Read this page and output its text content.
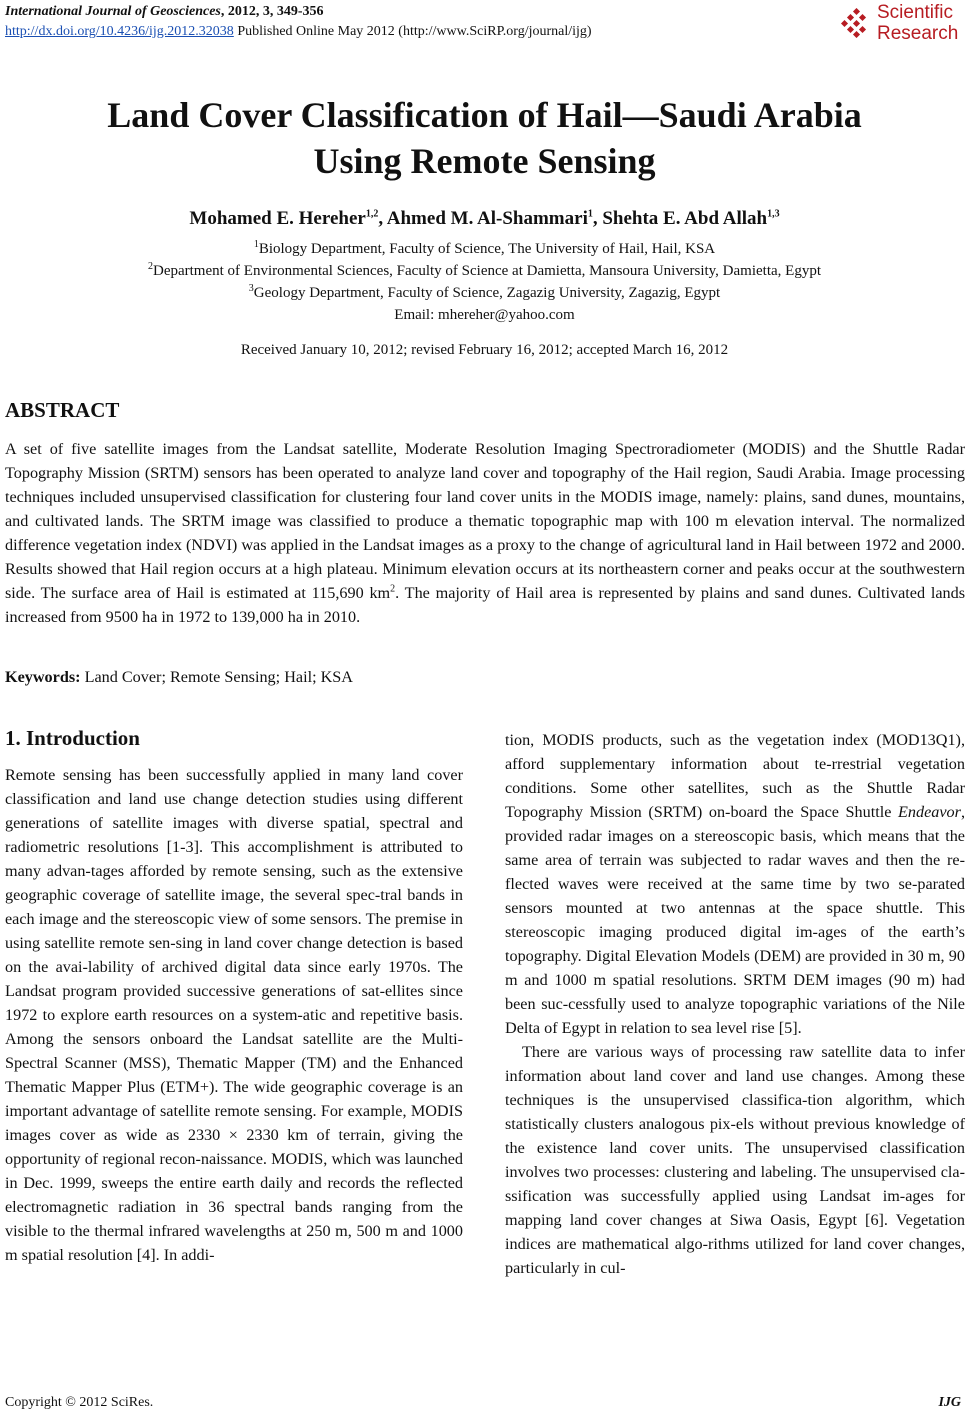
International Journal of Geosciences, 2012, 3, 349-356
http://dx.doi.org/10.4236/ijg.2012.32038 Published Online May 2012 (http://www.SciRP.org/journal/ijg)
Scientific
Research
Land Cover Classification of Hail—Saudi Arabia
Using Remote Sensing
Mohamed E. Hereher$^{1,2}$, Ahmed M. Al-Shammari$^1$, Shehta E. Abd Allah$^{1,3}$
$^1$Biology Department, Faculty of Science, The University of Hail, Hail, KSA
$^2$Department of Environmental Sciences, Faculty of Science at Damietta, Mansoura University, Damietta, Egypt
$^3$Geology Department, Faculty of Science, Zagazig University, Zagazig, Egypt
Email: mhereher@yahoo.com
Received January 10, 2012; revised February 16, 2012; accepted March 16, 2012
ABSTRACT
A set of five satellite images from the Landsat satellite, Moderate Resolution Imaging Spectroradiometer (MODIS) and the Shuttle Radar Topography Mission (SRTM) sensors has been operated to analyze land cover and topography of the Hail region, Saudi Arabia. Image processing techniques included unsupervised classification for clustering four land cover units in the MODIS image, namely: plains, sand dunes, mountains, and cultivated lands. The SRTM image was classified to produce a thematic topographic map with 100 m elevation interval. The normalized difference vegetation index (NDVI) was applied in the Landsat images as a proxy to the change of agricultural land in Hail between 1972 and 2000. Results showed that Hail region occurs at a high plateau. Minimum elevation occurs at its northeastern corner and peaks occur at the southwestern side. The surface area of Hail is estimated at 115,690 $km^2$. The majority of Hail area is represented by plains and sand dunes. Cultivated lands increased from 9500 ha in 1972 to 139,000 ha in 2010.
Keywords: Land Cover; Remote Sensing; Hail; KSA
1. Introduction

Remote sensing has been successfully applied in many land cover classification and land use change detection studies using different generations of satellite images with diverse spatial, spectral and radiometric resolutions [1-3]. This accomplishment is attributed to many advan-tages afforded by remote sensing, such as the extensive geographic coverage of satellite image, the several spec-tral bands in each image and the stereoscopic view of some sensors. The premise in using satellite remote sen-sing in land cover change detection is based on the avai-lability of archived digital data since early 1970s. The Landsat program provided successive generations of sat-ellites since 1972 to explore earth resources on a system-atic and repetitive basis. Among the sensors onboard the Landsat satellite are the Multi-Spectral Scanner (MSS), Thematic Mapper (TM) and the Enhanced Thematic Mapper Plus (ETM+). The wide geographic coverage is an important advantage of satellite remote sensing. For example, MODIS images cover as wide as 2330 × 2330 km of terrain, giving the opportunity of regional recon-naissance. MODIS, which was launched in Dec. 1999, sweeps the entire earth daily and records the reflected electromagnetic radiation in 36 spectral bands ranging from the visible to the thermal infrared wavelengths at 250 m, 500 m and 1000 m spatial resolution [4]. In addi-

tion, MODIS products, such as the vegetation index (MOD13Q1), afford supplementary information about te-rrestrial vegetation conditions. Some other satellites, such as the Shuttle Radar Topography Mission (SRTM) on-board the Space Shuttle Endeavor, provided radar images on a stereoscopic basis, which means that the same area of terrain was subjected to radar waves and then the re-flected waves were received at the same time by two se-parated sensors mounted at two antennas at the space shuttle. This stereoscopic imaging produced digital im-ages of the earth’s topography. Digital Elevation Models (DEM) are provided in 30 m, 90 m and 1000 m spatial resolutions. SRTM DEM images (90 m) had been suc-cessfully used to analyze topographic variations of the Nile Delta of Egypt in relation to sea level rise [5].

There are various ways of processing raw satellite data to infer information about land cover and land use changes. Among these techniques is the unsupervised classifica-tion algorithm, which statistically clusters analogous pix-els without previous knowledge of the existence land cover units. The unsupervised classification involves two processes: clustering and labeling. The unsupervised cla-ssification was successfully applied using Landsat im-ages for mapping land cover changes at Siwa Oasis, Egypt [6]. Vegetation indices are mathematical algo-rithms utilized for land cover changes, particularly in cul-

Copyright © 2012 SciRes.	IJG
